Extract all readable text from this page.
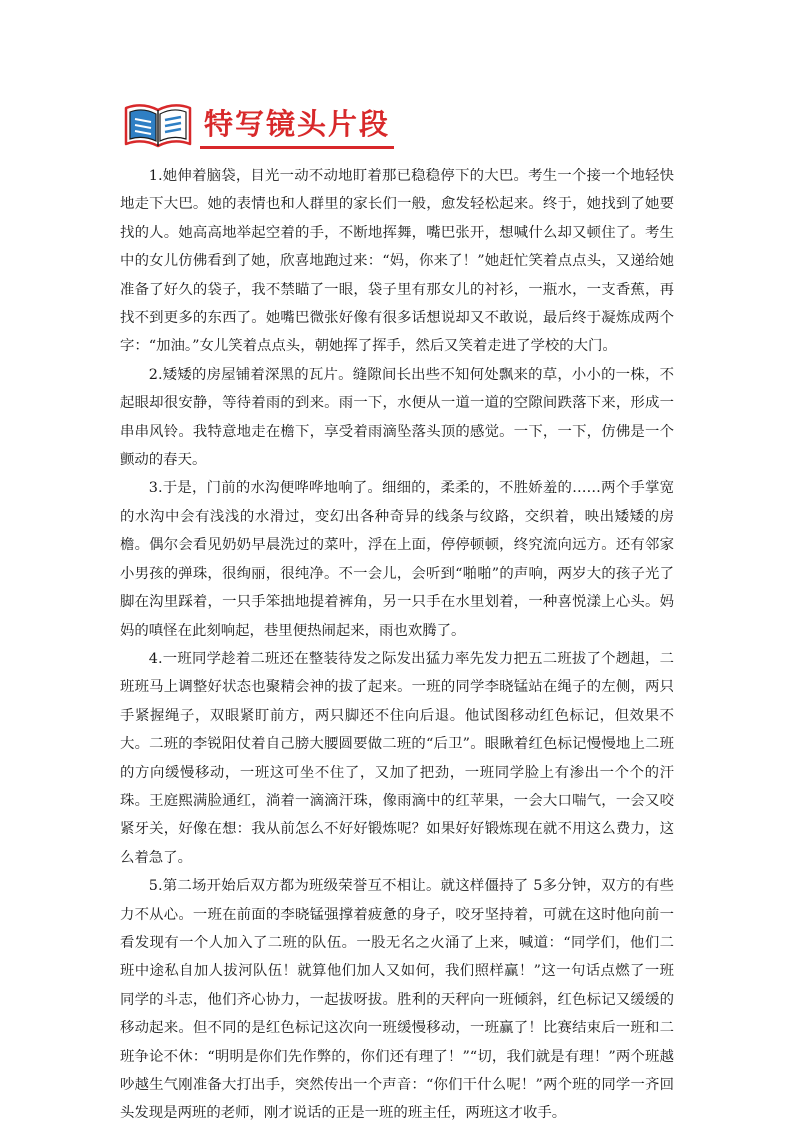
特写镜头片段

1.她伸着脑袋，目光一动不动地盯着那已稳稳停下的大巴。考生一个接一个地轻快地走下大巴。她的表情也和人群里的家长们一般，愈发轻松起来。终于，她找到了她要找的人。她高高地举起空着的手，不断地挥舞，嘴巴张开，想喊什么却又顿住了。考生中的女儿仿佛看到了她，欣喜地跑过来：“妈，你来了！”她赶忙笑着点点头，又递给她准备了好久的袋子，我不禁瞄了一眼，袋子里有那女儿的衬衫，一瓶水，一支香蕉，再找不到更多的东西了。她嘴巴微张好像有很多话想说却又不敢说，最后终于凝炼成两个字：“加油。”女儿笑着点点头，朝她挥了挥手，然后又笑着走进了学校的大门。

2.矮矮的房屋铺着深黑的瓦片。缝隙间长出些不知何处飘来的草，小小的一株，不起眼却很安静，等待着雨的到来。雨一下，水便从一道一道的空隙间跌落下来，形成一串串风铃。我特意地走在檐下，享受着雨滴坠落头顶的感觉。一下，一下，仿佛是一个颤动的春天。

3.于是，门前的水沟便哗哗地响了。细细的，柔柔的，不胜娇羞的……两个手掌宽的水沟中会有浅浅的水滑过，变幻出各种奇异的线条与纹路，交织着，映出矮矮的房檐。偶尔会看见奶奶早晨洗过的菜叶，浮在上面，停停顿顿，终究流向远方。还有邻家小男孩的弹珠，很绚丽，很纯净。不一会儿，会听到“啪啪”的声响，两岁大的孩子光了脚在沟里踩着，一只手笨拙地提着裤角，另一只手在水里划着，一种喜悦漾上心头。妈妈的嗔怪在此刻响起，巷里便热闹起来，雨也欢腾了。

4.一班同学趁着二班还在整装待发之际发出猛力率先发力把五二班拔了个趔趄，二班班马上调整好状态也聚精会神的拔了起来。一班的同学李晓锰站在绳子的左侧，两只手紧握绳子，双眼紧盯前方，两只脚还不住向后退。他试图移动红色标记，但效果不大。二班的李锐阳仗着自己膀大腰圆要做二班的“后卫”。眼瞅着红色标记慢慢地上二班的方向缓慢移动，一班这可坐不住了，又加了把劲，一班同学脸上有渗出一个个的汗珠。王庭熙满脸通红，淌着一滴滴汗珠，像雨滴中的红苹果，一会大口喘气，一会又咬紧牙关，好像在想：我从前怎么不好好锻炼呢？如果好好锻炼现在就不用这么费力，这么着急了。

5.第二场开始后双方都为班级荣誉互不相让。就这样僵持了 5多分钟，双方的有些力不从心。一班在前面的李晓锰强撑着疲惫的身子，咬牙坚持着，可就在这时他向前一看发现有一个人加入了二班的队伍。一股无名之火涌了上来，喊道：“同学们，他们二班中途私自加人拔河队伍！就算他们加人又如何，我们照样赢！”这一句话点燃了一班同学的斗志，他们齐心协力，一起拔呀拔。胜利的天秤向一班倾斜，红色标记又缓缓的移动起来。但不同的是红色标记这次向一班缓慢移动，一班赢了！比赛结束后一班和二班争论不休：“明明是你们先作弊的，你们还有理了！”“切，我们就是有理！”两个班越吵越生气刚准备大打出手，突然传出一个声音：“你们干什么呢！”两个班的同学一齐回头发现是两班的老师，刚才说话的正是一班的班主任，两班这才收手。
